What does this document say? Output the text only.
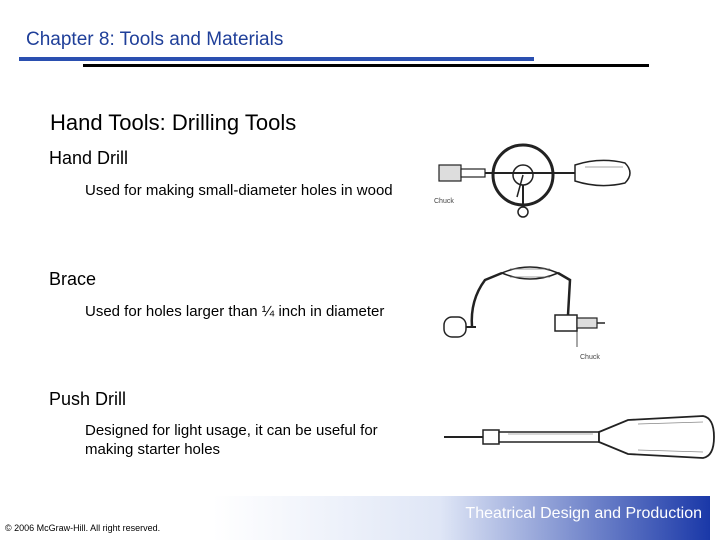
Chapter 8: Tools and Materials
Hand Tools: Drilling Tools
Hand Drill
Used for making small-diameter holes in wood
Chuck
Brace
Used for holes larger than ¼ inch in diameter
Chuck
Push Drill
Designed for light usage, it can be useful for making starter holes
Theatrical Design and Production
© 2006 McGraw-Hill. All right reserved.
